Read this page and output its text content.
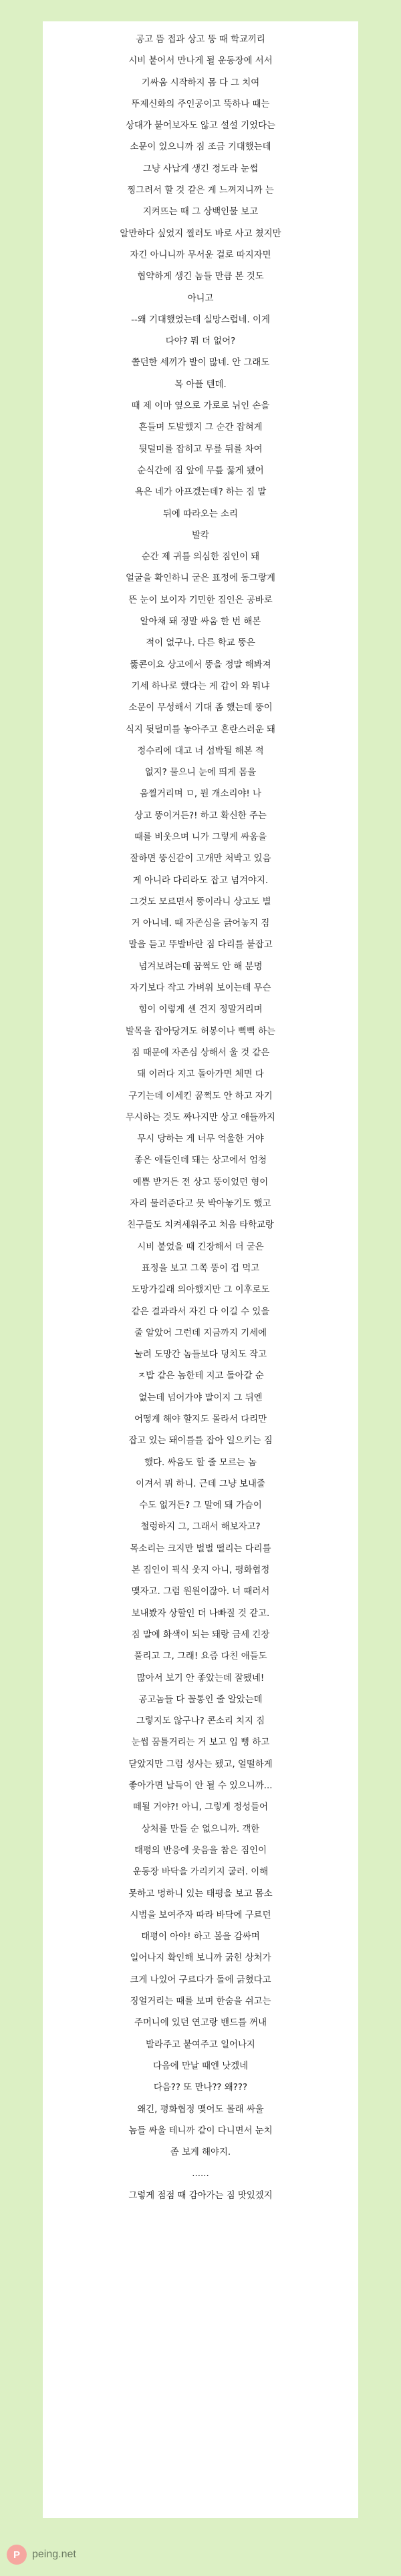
공고 뜸 접과 상고 뚱 때 학교끼리

시비 붙어서 만나게 될 운동장에 서서

기싸움 시작하지 몸 다 그 치여

뚜제신화의 주인공이고 뚝하나 때는

상대가 붙어보자도 않고 설설 기었다는

소문이 있으니까 짐 조금 기대했는데

그냥 사납게 생긴 정도라 눈썹

찡그려서 할 것 같은 게 느껴지니까 는

지켜뜨는 때 그 상백인물 보고

알만하다 싶었지 찔러도 바로 사고 쳤지만

자긴 아니니까 무서운 걸로 따지자면

협약하게 생긴 놈들 만큼 본 것도

아니고

--왜 기대했었는데 실망스럽네. 이게

다야? 뭐 더 없어?

쫄던한 세끼가 발이 많네. 안 그래도

목 아플 텐데.

때 제 이마 옆으로 가로로 뉘인 손을

흔들며 도발했지 그 순간 잡혀게

뒷덜미를 잡히고 무릎 뒤를 차여

순식간에 짐 앞에 무릎 꿇게 됐어

욕은 네가 아프겠는데? 하는 짐 말

뒤에 따라오는 소리

발칵

순간 제 귀를 의심한 짐인이 돼

얼굴을 확인하니 굳은 표정에 동그랗게

뜬 눈이 보이자 기민한 짐인은 공바로

알아채 돼 정말 싸움 한 번 해본

적이 없구나. 다른 학교 뚱은

뚫콘이요 상고에서 뚱을 정말 해봐져

기세 하나로 했다는 게 갑이 와 뭐냐

소문이 무성해서 기대 좀 했는데 뚱이

식지 뒷덜미를 놓아주고 혼란스러운 돼

정수리에 대고 너 섬박될 해본 적

없지? 물으니 눈에 띄게 몸을

움찔거리며 ㅁ, 뭔 개소리야! 나

상고 뚱이거든?! 하고 확신한 주는

때를 비웃으며 니가 그렇게 싸움을

잘하면 뚱신같이 고개만 처박고 있음

게 아니라 다리라도 잡고 넘겨야지.

그것도 모르면서 뚱이라니 상고도 별

거 아니네. 때 자존심을 긁어놓지 짐

말을 듣고 뚜발바란 짐 다리를 붙잡고

넘겨보려는데 꿈쩍도 안 해 분명

자기보다 작고 가벼워 보이는데 무슨

힘이 이렇게 센 건지 정말거리며

발목을 잡아당겨도 허봉이나 뻑뻑 하는

짐 때문에 자존심 상해서 울 것 같은

돼 이러다 지고 돌아가면 체면 다

구기는데 이세킨 꿈쩍도 안 하고 자기

무시하는 것도 짜나지만 상고 애들까지

무시 당하는 게 너무 억울한 거야

좋은 애들인데 돼는 상고에서 엄청

예쁨 받거든 전 상고 뚱이었던 형이

자리 물러준다고 뭇 박아놓기도 했고

친구들도 치켜세워주고 처음 타학교랑

시비 붙었을 때 긴장해서 더 굳은

표정을 보고 그쪽 뚱이 겁 먹고

도망가길래 의아했지만 그 이후로도

같은 결과라서 자긴 다 이길 수 있을

줄 알았어 그런데 지금까지 기세에

눌려 도망간 놈들보다 덩치도 작고

ㅈ밥 같은 놈한테 지고 돌아갈 순

없는데 넘어가야 말이지 그 뒤엔

어떻게 해야 할지도 몰라서 다리만

잡고 있는 돼이를를 잡아 일으키는 짐

했다. 싸움도 할 줄 모르는 놈

이겨서 뭐 하니. 근데 그냥 보내줄

수도 없거든? 그 말에 돼 가슴이

철렁하지 그, 그래서 해보자고?

목소리는 크지만 벌벌 떨리는 다리를

본 짐인이 픽식 웃지 아니, 평화협정

맺자고. 그럼 원원이잖아. 너 때러서

보내봤자 상할인 더 나빠질 것 같고.

짐 말에 화색이 되는 돼랑 금세 긴장

풀리고 그, 그래! 요즘 다친 애들도

많아서 보기 안 좋았는데 잘됐네!

공고놈들 다 꼴통인 줄 알았는데

그렇지도 않구나? 콘소리 치지 짐

눈썹 꿈틀거리는 거 보고 입 뻥 하고

닫았지만 그럼 성사는 됐고, 얼떨하게

좋아가면 날득이 안 될 수 있으니까...

떼될 거야?! 아니, 그렇게 정성들어

상처를 만들 순 없으니까. 객한

태평의 반응에 웃음을 참은 짐인이

운동장 바닥을 가리키지 굴러. 이해

못하고 멍하니 있는 태평을 보고 몸소

시범을 보여주자 따라 바닥에 구르던

태평이 아야! 하고 볼을 감싸며

일어나지 확인해 보니까 굵힌 상처가

크게 나있어 구르다가 돌에 긁혔다고

징얼거리는 때를 보며 한숨을 쉬고는

주머니에 있던 연고랑 밴드를 꺼내

발라주고 붙여주고 일어나지

다음에 만날 때엔 낫겠네

다음?? 또 만나?? 왜???

왜긴, 평화협정 맺어도 몰래 싸울

놈들 싸울 테니까 같이 다니면서 눈치

좀 보게 해야지.

......

그렇게 점점 때 감아가는 짐 맛있겠지

P	peing.net
